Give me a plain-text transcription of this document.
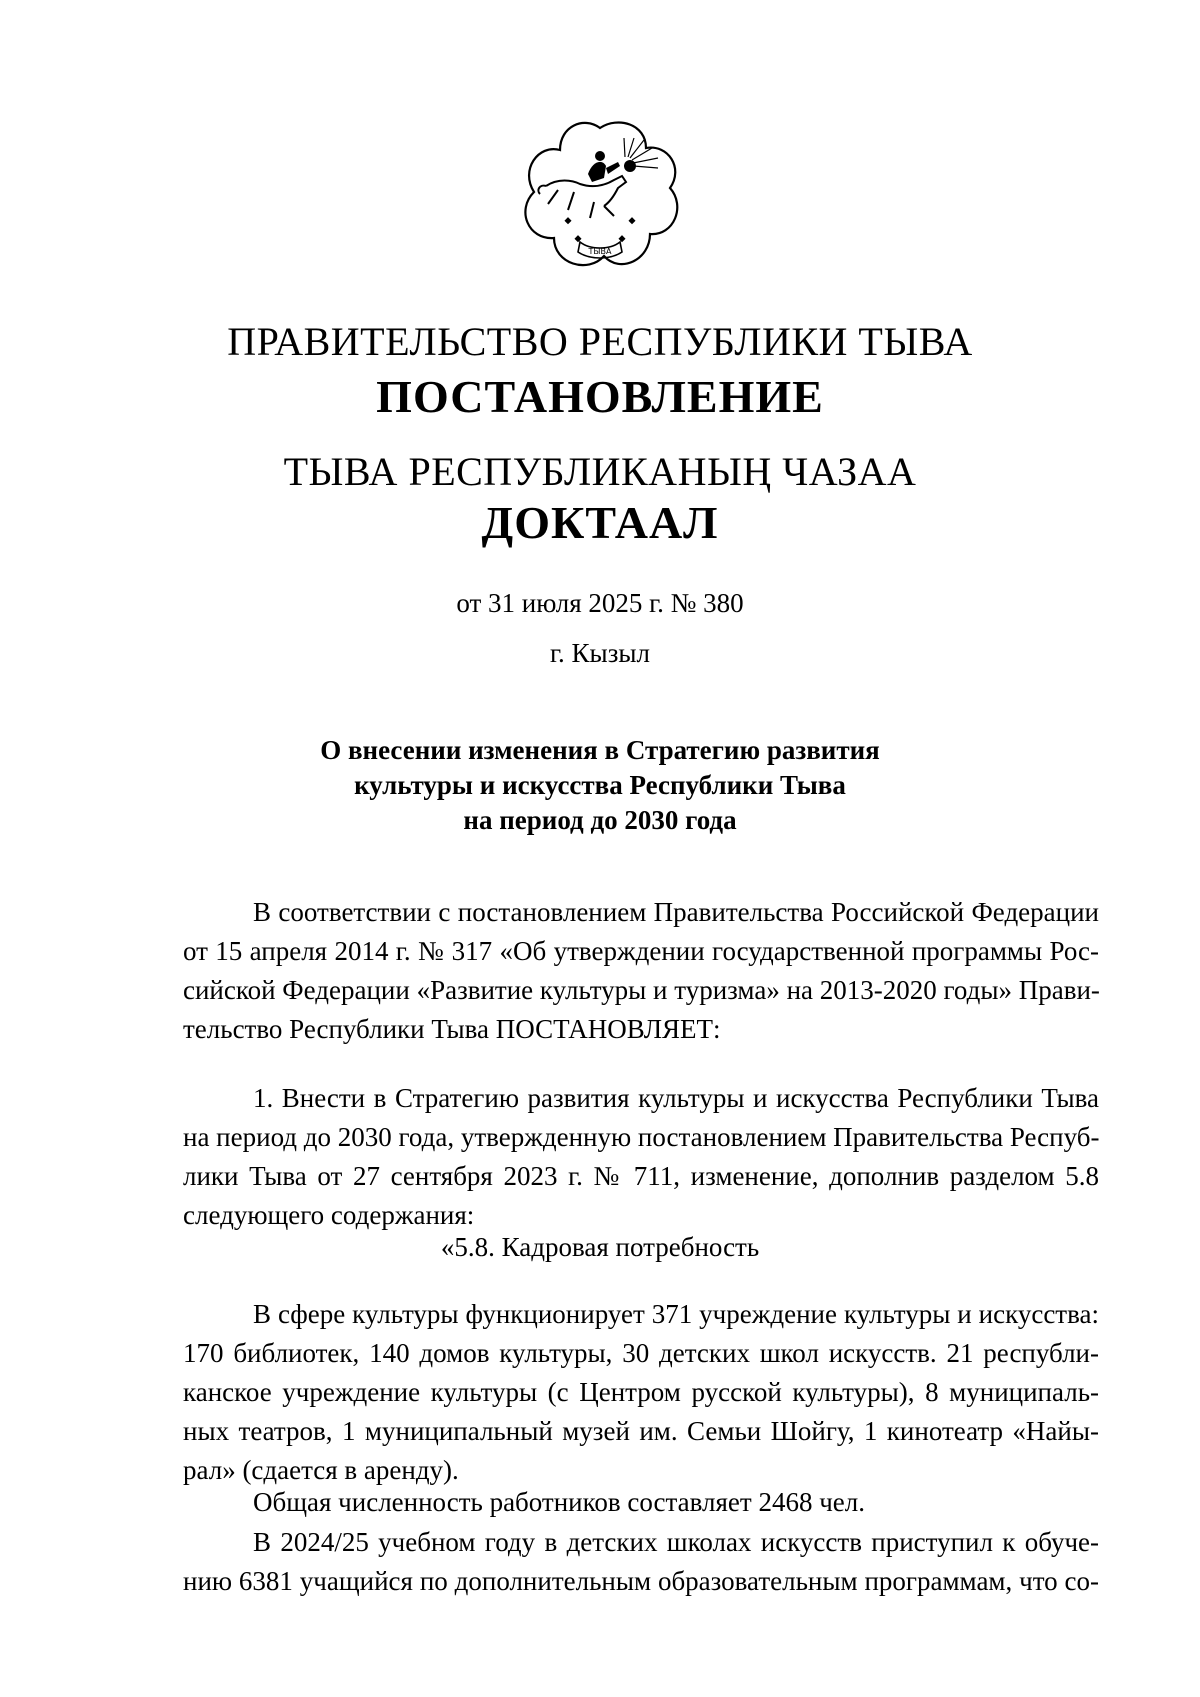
ТЫВА
ПРАВИТЕЛЬСТВО РЕСПУБЛИКИ ТЫВА
ПОСТАНОВЛЕНИЕ
ТЫВА РЕСПУБЛИКАНЫҢ ЧАЗАА
ДОКТААЛ
от 31 июля 2025 г. № 380
г. Кызыл
О внесении изменения в Стратегию развития
культуры и искусства Республики Тыва
на период до 2030 года
В соответствии с постановлением Правительства Российской Федерации
от 15 апреля 2014 г. № 317 «Об утверждении государственной программы Рос-
сийской Федерации «Развитие культуры и туризма» на 2013-2020 годы» Прави-
тельство Республики Тыва ПОСТАНОВЛЯЕТ:
1. Внести в Стратегию развития культуры и искусства Республики Тыва
на период до 2030 года, утвержденную постановлением Правительства Респуб-
лики Тыва от 27 сентября 2023 г. № 711, изменение, дополнив разделом 5.8
следующего содержания:
«5.8. Кадровая потребность
В сфере культуры функционирует 371 учреждение культуры и искусства:
170 библиотек, 140 домов культуры, 30 детских школ искусств. 21 республи-
канское учреждение культуры (с Центром русской культуры), 8 муниципаль-
ных театров, 1 муниципальный музей им. Семьи Шойгу, 1 кинотеатр «Найы-
рал» (сдается в аренду).
Общая численность работников составляет 2468 чел.
В 2024/25 учебном году в детских школах искусств приступил к обуче-
нию 6381 учащийся по дополнительным образовательным программам, что со-
